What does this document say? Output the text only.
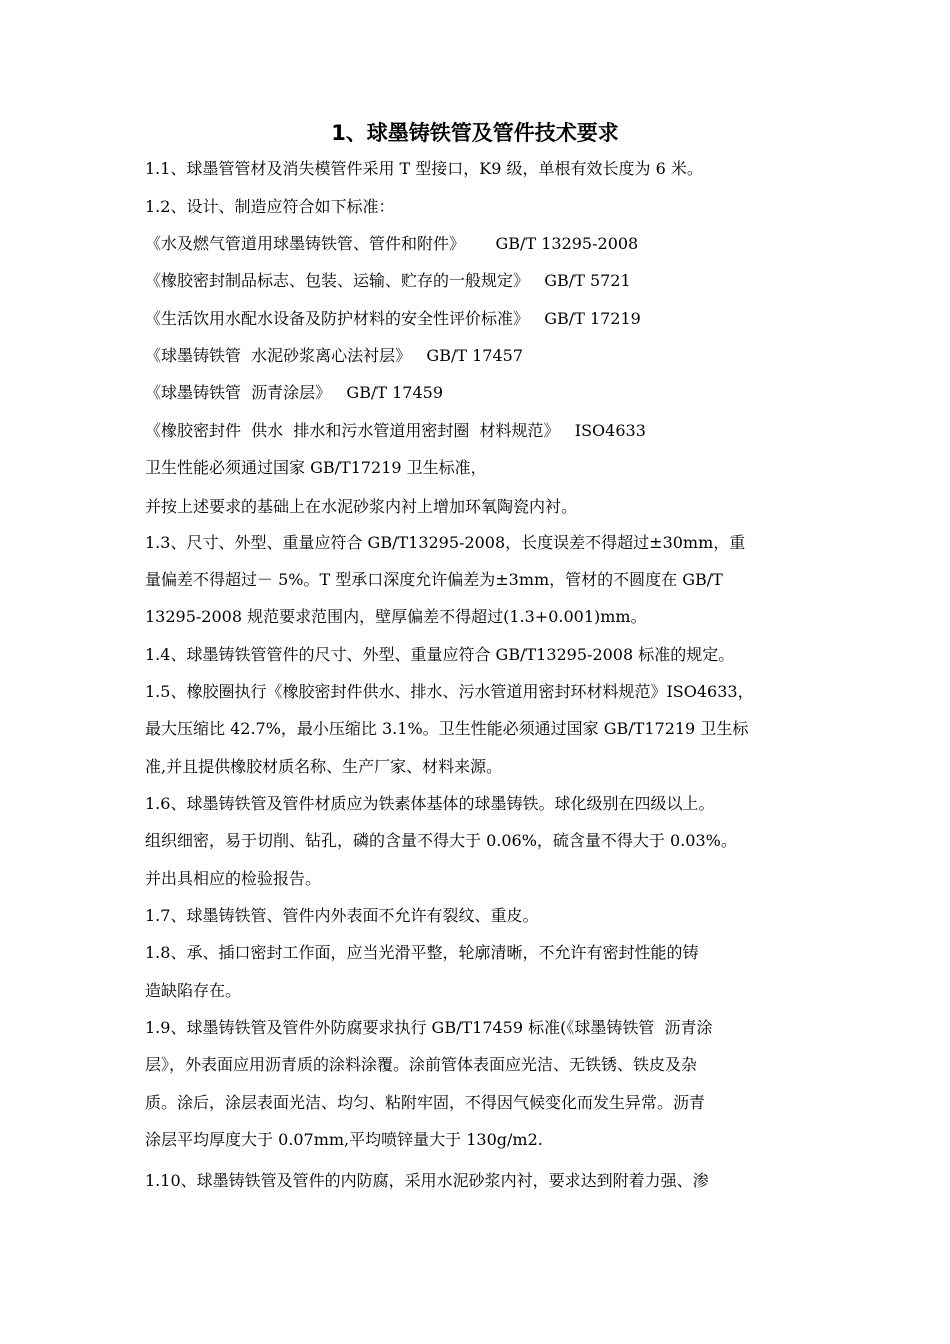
1、球墨铸铁管及管件技术要求
1.1、球墨管管材及消失模管件采用 T 型接口，K9 级，单根有效长度为 6 米。
1.2、设计、制造应符合如下标准：
《水及燃气管道用球墨铸铁管、管件和附件》      GB/T 13295-2008
《橡胶密封制品标志、包装、运输、贮存的一般规定》   GB/T 5721
《生活饮用水配水设备及防护材料的安全性评价标准》   GB/T 17219
《球墨铸铁管  水泥砂浆离心法衬层》   GB/T 17457
《球墨铸铁管  沥青涂层》   GB/T 17459
《橡胶密封件  供水  排水和污水管道用密封圈  材料规范》   ISO4633
卫生性能必须通过国家 GB/T17219 卫生标准，
并按上述要求的基础上在水泥砂浆内衬上增加环氧陶瓷内衬。
1.3、尺寸、外型、重量应符合 GB/T13295-2008，长度误差不得超过±30mm，重
量偏差不得超过－ 5%。T 型承口深度允许偏差为±3mm，管材的不圆度在 GB/T
13295-2008 规范要求范围内，壁厚偏差不得超过(1.3+0.001)mm。
1.4、球墨铸铁管管件的尺寸、外型、重量应符合 GB/T13295-2008 标准的规定。
1.5、橡胶圈执行《橡胶密封件供水、排水、污水管道用密封环材料规范》ISO4633，
最大压缩比 42.7%，最小压缩比 3.1%。卫生性能必须通过国家 GB/T17219 卫生标
准,并且提供橡胶材质名称、生产厂家、材料来源。
1.6、球墨铸铁管及管件材质应为铁素体基体的球墨铸铁。球化级别在四级以上。
组织细密，易于切削、钻孔，磷的含量不得大于 0.06%，硫含量不得大于 0.03%。
并出具相应的检验报告。
1.7、球墨铸铁管、管件内外表面不允许有裂纹、重皮。
1.8、承、插口密封工作面，应当光滑平整，轮廓清晰，不允许有密封性能的铸
造缺陷存在。
1.9、球墨铸铁管及管件外防腐要求执行 GB/T17459 标准(《球墨铸铁管  沥青涂
层》，外表面应用沥青质的涂料涂覆。涂前管体表面应光洁、无铁锈、铁皮及杂
质。涂后，涂层表面光洁、均匀、粘附牢固，不得因气候变化而发生异常。沥青
涂层平均厚度大于 0.07mm,平均喷锌量大于 130g/m2.
1.10、球墨铸铁管及管件的内防腐，采用水泥砂浆内衬，要求达到附着力强、渗
